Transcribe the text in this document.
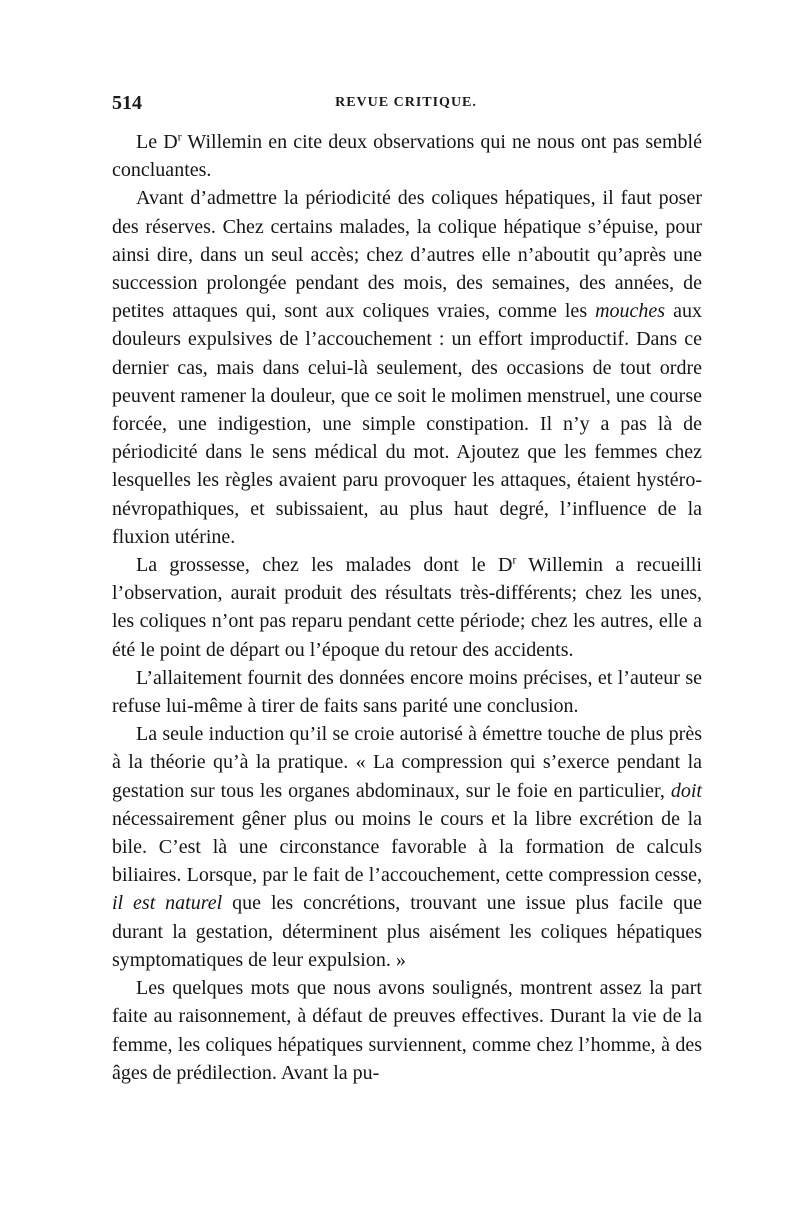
514	REVUE CRITIQUE.

Le $D^r$ Willemin en cite deux observations qui ne nous ont pas semblé concluantes.

Avant d’admettre la périodicité des coliques hépatiques, il faut poser des réserves. Chez certains malades, la colique hépatique s’épuise, pour ainsi dire, dans un seul accès; chez d’autres elle n’aboutit qu’après une succession prolongée pendant des mois, des semaines, des années, de petites attaques qui, sont aux coliques vraies, comme les mouches aux douleurs expulsives de l’accouchement : un effort improductif. Dans ce dernier cas, mais dans celui-là seulement, des occasions de tout ordre peuvent ramener la douleur, que ce soit le molimen menstruel, une course forcée, une indigestion, une simple constipation. Il n’y a pas là de périodicité dans le sens médical du mot. Ajoutez que les femmes chez lesquelles les règles avaient paru provoquer les attaques, étaient hystéro-névropathiques, et subissaient, au plus haut degré, l’influence de la fluxion utérine.

La grossesse, chez les malades dont le $D^r$ Willemin a recueilli l’observation, aurait produit des résultats très-différents; chez les unes, les coliques n’ont pas reparu pendant cette période; chez les autres, elle a été le point de départ ou l’époque du retour des accidents.

L’allaitement fournit des données encore moins précises, et l’auteur se refuse lui-même à tirer de faits sans parité une conclusion.

La seule induction qu’il se croie autorisé à émettre touche de plus près à la théorie qu’à la pratique. « La compression qui s’exerce pendant la gestation sur tous les organes abdominaux, sur le foie en particulier, doit nécessairement gêner plus ou moins le cours et la libre excrétion de la bile. C’est là une circonstance favorable à la formation de calculs biliaires. Lorsque, par le fait de l’accouchement, cette compression cesse, il est naturel que les concrétions, trouvant une issue plus facile que durant la gestation, déterminent plus aisément les coliques hépatiques symptomatiques de leur expulsion. »

Les quelques mots que nous avons soulignés, montrent assez la part faite au raisonnement, à défaut de preuves effectives. Durant la vie de la femme, les coliques hépatiques surviennent, comme chez l’homme, à des âges de prédilection. Avant la pu-
